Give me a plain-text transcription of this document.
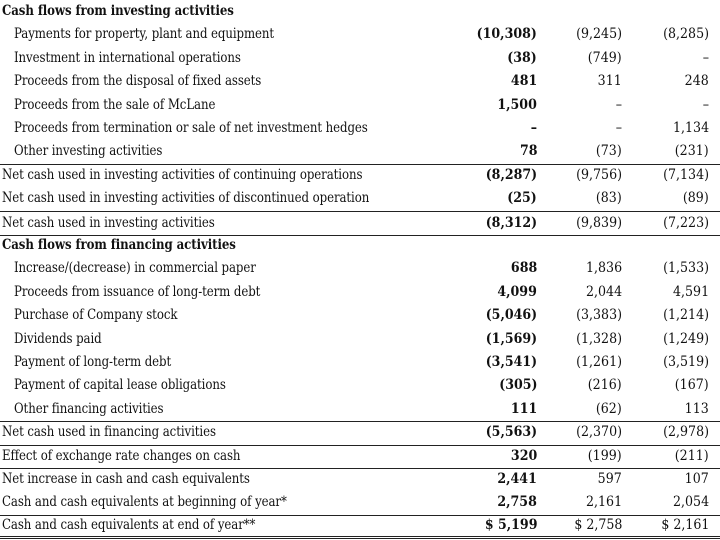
Cash flows from investing activities
Payments for property, plant and equipment	(10,308)	(9,245)	(8,285)
Investment in international operations	(38)	(749)	–
Proceeds from the disposal of fixed assets	481	311	248
Proceeds from the sale of McLane	1,500	–	–
Proceeds from termination or sale of net investment hedges	–	–	1,134
Other investing activities	78	(73)	(231)
Net cash used in investing activities of continuing operations	(8,287)	(9,756)	(7,134)
Net cash used in investing activities of discontinued operation	(25)	(83)	(89)
Net cash used in investing activities	(8,312)	(9,839)	(7,223)
Cash flows from financing activities
Increase/(decrease) in commercial paper	688	1,836	(1,533)
Proceeds from issuance of long-term debt	4,099	2,044	4,591
Purchase of Company stock	(5,046)	(3,383)	(1,214)
Dividends paid	(1,569)	(1,328)	(1,249)
Payment of long-term debt	(3,541)	(1,261)	(3,519)
Payment of capital lease obligations	(305)	(216)	(167)
Other financing activities	111	(62)	113
Net cash used in financing activities	(5,563)	(2,370)	(2,978)
Effect of exchange rate changes on cash	320	(199)	(211)
Net increase in cash and cash equivalents	2,441	597	107
Cash and cash equivalents at beginning of year*	2,758	2,161	2,054
Cash and cash equivalents at end of year**	$ 5,199	$ 2,758	$ 2,161
